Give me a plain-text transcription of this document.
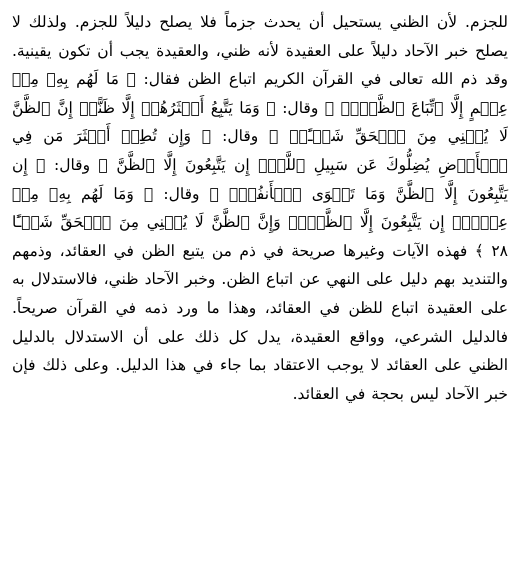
للجزم. لأن الظني يستحيل أن يحدث جزماً فلا يصلح دليلاً للجزم. ولذلك لا يصلح خبر الآحاد دليلاً على العقيدة لأنه ظني، والعقيدة يجب أن تكون يقينية. وقد ذم الله تعالى في القرآن الكريم اتباع الظن فقال: ﴿ مَا لَهُم بِهِۦ مِنۡ عِلۡمٍ إِلَّا ٱتِّبَاعَ ٱلظَّنِّۚ ﴾ وقال: ﴿ وَمَا يَتَّبِعُ أَكۡثَرُهُمۡ إِلَّا ظَنًّاۚ إِنَّ ٱلظَّنَّ لَا يُغۡنِي مِنَ ٱلۡحَقِّ شَيۡـًٔاۚ ﴾ وقال: ﴿ وَإِن تُطِعۡ أَكۡثَرَ مَن فِي ٱلۡأَرۡضِ يُضِلُّوكَ عَن سَبِيلِ ٱللَّهِۚ إِن يَتَّبِعُونَ إِلَّا ٱلظَّنَّ ﴾ وقال: ﴿ إِن يَتَّبِعُونَ إِلَّا ٱلظَّنَّ وَمَا تَهۡوَى ٱلۡأَنفُسُۖ ﴾ وقال: ﴿ وَمَا لَهُم بِهِۦ مِنۡ عِلۡمٍۖ إِن يَتَّبِعُونَ إِلَّا ٱلظَّنَّۖ وَإِنَّ ٱلظَّنَّ لَا يُغۡنِي مِنَ ٱلۡحَقِّ شَيۡـًٔا ٢٨ ﴾ فهذه الآيات وغيرها صريحة في ذم من يتبع الظن في العقائد، وذمهم والتنديد بهم دليل على النهي عن اتباع الظن. وخبر الآحاد ظني، فالاستدلال به على العقيدة اتباع للظن في العقائد، وهذا ما ورد ذمه في القرآن صريحاً. فالدليل الشرعي، وواقع العقيدة، يدل كل ذلك على أن الاستدلال بالدليل الظني على العقائد لا يوجب الاعتقاد بما جاء في هذا الدليل. وعلى ذلك فإن خبر الآحاد ليس بحجة في العقائد.
